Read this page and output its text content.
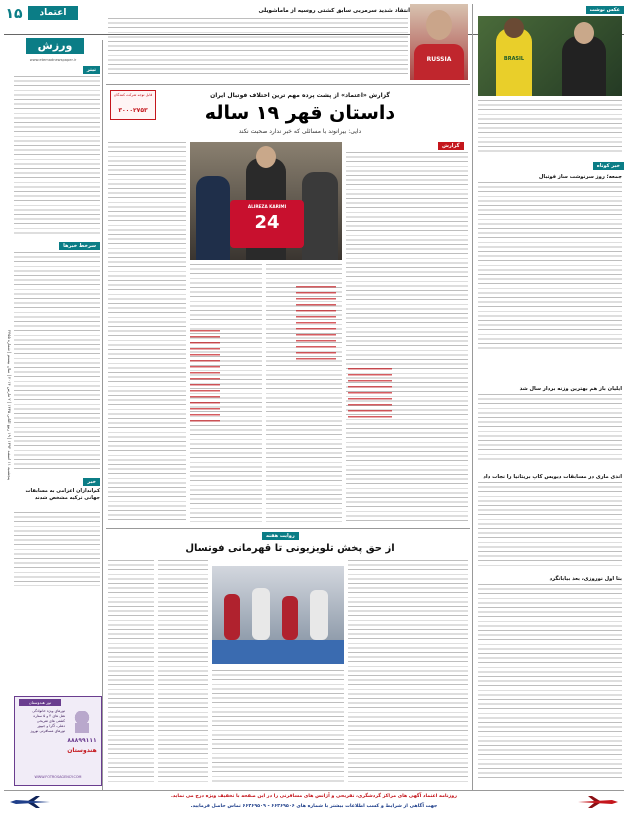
۱۵	اعتماد
ورزش
www.etemadnewspaper.ir
پنجشنبه ۱۱ اسفند ۱۳۹۲ | ۱۹ ربیع الثانی ۱۴۳۵ | ۲ مارس ۲۰۱۴ | سال بیستم | شماره ۲۴۵۵
تیتر
سرخط خبرها
خبر
کم‌اندازان اعزامی به مسابقات جهانی ترکیه مشخص شدند
انتقاد شدید سرمربی سابق کشتی روسیه از ماماشویلی
RUSSIA
عکس نوشت
BRASIL
خبر کوتاه
جمعه؛ روز سرنوشت ساز فوتبال
ایلیان باز هم بهترین وزنه بردار سال شد
اندی ماری در مسابقات دیویس کاپ بریتانیا را نجات داد
بتا اول نوروزی، بعد بیابانگرد
قابل توجه شرکت کنندگان
۳۰۰۰۲۷۵۳
گزارش «اعتماد» از پشت پرده مهم ترین اختلاف فوتبال ایران
داستان قهر ۱۹ ساله
دایی: بیرانوند با مسائلی که خبر ندارد صحبت نکند
ALIREZA KARIMI
24
گزارش
روایت هفته
از حق پخش تلویزیونی تا قهرمانی فوتسال
تور هندوستان
تورهای ویژه خانوادگی
هتل های ۴ و ۵ ستاره
کشتی های تفریحی
دهلی، آگرا و جیپور
تورهای مسافرتی نوروز
۸۸۸۹۹۱۱۱
هندوستان
WWW.FOTROSAGENCY.COM
روزنامه اعتماد آگهی های مراکز گردشگری، تفریحی و آژانس های مسافرتی را در این صفحه با تخفیف ویژه درج می نماید.
جهت آگاهی از شرایط و کسب اطلاعات بیشتر با شماره های ۶۶۴۶۹۵۰۶ - ۶۶۴۶۹۵۰۹ تماس حاصل فرمایید.
